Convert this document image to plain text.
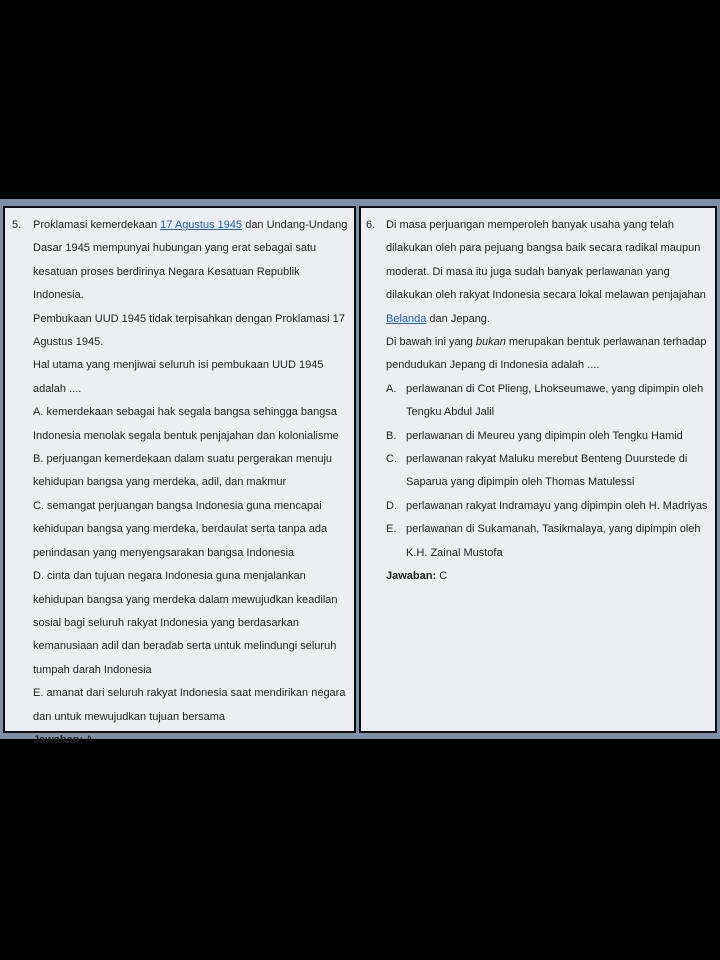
5. Proklamasi kemerdekaan 17 Agustus 1945 dan Undang-Undang Dasar 1945 mempunyai hubungan yang erat sebagai satu kesatuan proses berdirinya Negara Kesatuan Republik Indonesia.

Pembukaan UUD 1945 tidak terpisahkan dengan Proklamasi 17 Agustus 1945.

Hal utama yang menjiwai seluruh isi pembukaan UUD 1945 adalah ....

A. kemerdekaan sebagai hak segala bangsa sehingga bangsa Indonesia menolak segala bentuk penjajahan dan kolonialisme

B. perjuangan kemerdekaan dalam suatu pergerakan menuju kehidupan bangsa yang merdeka, adil, dan makmur

C. semangat perjuangan bangsa Indonesia guna mencapai kehidupan bangsa yang merdeka, berdaulat serta tanpa ada penindasan yang menyengsarakan bangsa Indonesia

D. cinta dan tujuan negara Indonesia guna menjalankan kehidupan bangsa yang merdeka dalam mewujudkan keadilan sosial bagi seluruh rakyat Indonesia yang berdasarkan kemanusiaan adil dan beradab serta untuk melindungi seluruh tumpah darah Indonesia

E. amanat dari seluruh rakyat Indonesia saat mendirikan negara dan untuk mewujudkan tujuan bersama

Jawaban: A

6. Di masa perjuangan memperoleh banyak usaha yang telah dilakukan oleh para pejuang bangsa baik secara radikal maupun moderat. Di masa itu juga sudah banyak perlawanan yang dilakukan oleh rakyat Indonesia secara lokal melawan penjajahan Belanda dan Jepang.

Di bawah ini yang bukan merupakan bentuk perlawanan terhadap pendudukan Jepang di Indonesia adalah ....

A. perlawanan di Cot Plieng, Lhokseumawe, yang dipimpin oleh Tengku Abdul Jalil
B. perlawanan di Meureu yang dipimpin oleh Tengku Hamid
C. perlawanan rakyat Maluku merebut Benteng Duurstede di Saparua yang dipimpin oleh Thomas Matulessi
D. perlawanan rakyat Indramayu yang dipimpin oleh H. Madriyas
E. perlawanan di Sukamanah, Tasikmalaya, yang dipimpin oleh K.H. Zainal Mustofa

Jawaban: C
